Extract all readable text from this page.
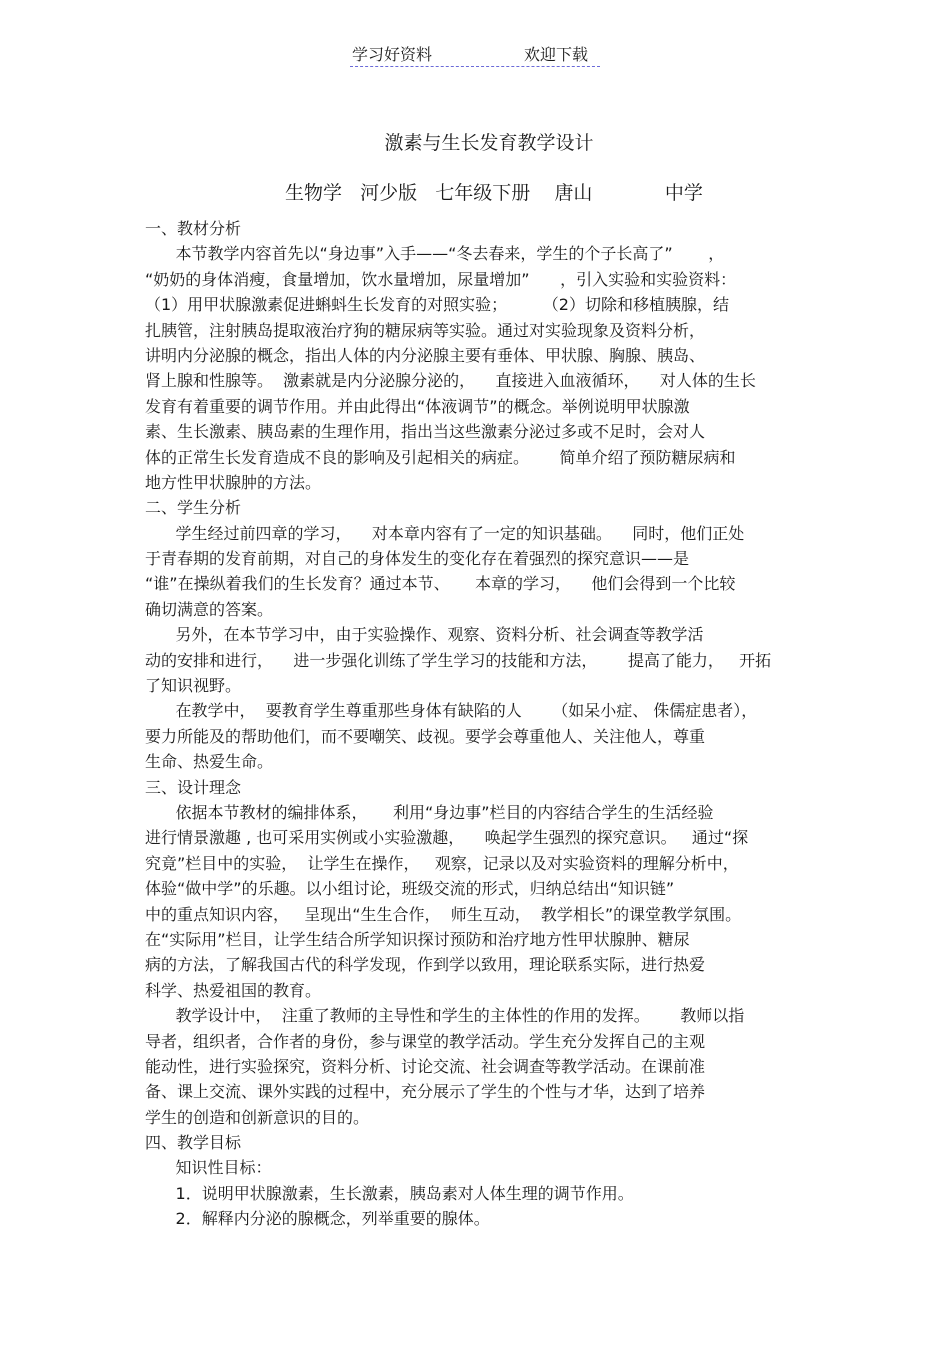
学习好资料	欢迎下载
激素与生长发育教学设计
生物学   河少版   七年级下册    唐山            中学
一、教材分析
本节教学内容首先以“身边事”入手——“冬去春来，学生的个子长高了”       ，
“奶奶的身体消瘦，食量增加，饮水量增加，尿量增加”      ，引入实验和实验资料：
（1）用甲状腺激素促进蝌蚪生长发育的对照实验；       （2）切除和移植胰腺，结
扎胰管，注射胰岛提取液治疗狗的糖尿病等实验。通过对实验现象及资料分析，
讲明内分泌腺的概念，指出人体的内分泌腺主要有垂体、甲状腺、胸腺、胰岛、
肾上腺和性腺等。  激素就是内分泌腺分泌的，    直接进入血液循环，    对人体的生长
发育有着重要的调节作用。并由此得出“体液调节”的概念。举例说明甲状腺激
素、生长激素、胰岛素的生理作用，指出当这些激素分泌过多或不足时，会对人
体的正常生长发育造成不良的影响及引起相关的病症。      简单介绍了预防糖尿病和
地方性甲状腺肿的方法。
二、学生分析
学生经过前四章的学习，    对本章内容有了一定的知识基础。    同时，他们正处
于青春期的发育前期，对自己的身体发生的变化存在着强烈的探究意识——是
“谁”在操纵着我们的生长发育？通过本节、     本章的学习，    他们会得到一个比较
确切满意的答案。
另外，在本节学习中，由于实验操作、观察、资料分析、社会调查等教学活
动的安排和进行，    进一步强化训练了学生学习的技能和方法，      提高了能力，   开拓
了知识视野。
在教学中，  要教育学生尊重那些身体有缺陷的人      （如呆小症、 侏儒症患者），
要力所能及的帮助他们，而不要嘲笑、歧视。要学会尊重他人、关注他人，尊重
生命、热爱生命。
三、设计理念
依据本节教材的编排体系，     利用“身边事”栏目的内容结合学生的生活经验
进行情景激趣 , 也可采用实例或小实验激趣，    唤起学生强烈的探究意识。   通过“探
究竟”栏目中的实验，  让学生在操作，   观察，记录以及对实验资料的理解分析中，
体验“做中学”的乐趣。以小组讨论，班级交流的形式，归纳总结出“知识链”
中的重点知识内容，   呈现出“生生合作，  师生互动，  教学相长”的课堂教学氛围。
在“实际用”栏目，让学生结合所学知识探讨预防和治疗地方性甲状腺肿、糖尿
病的方法，了解我国古代的科学发现，作到学以致用，理论联系实际，进行热爱
科学、热爱祖国的教育。
教学设计中，  注重了教师的主导性和学生的主体性的作用的发挥。      教师以指
导者，组织者，合作者的身份，参与课堂的教学活动。学生充分发挥自己的主观
能动性，进行实验探究，资料分析、讨论交流、社会调查等教学活动。在课前准
备、课上交流、课外实践的过程中，充分展示了学生的个性与才华，达到了培养
学生的创造和创新意识的目的。
四、教学目标
知识性目标：
1．说明甲状腺激素，生长激素，胰岛素对人体生理的调节作用。
2．解释内分泌的腺概念，列举重要的腺体。
